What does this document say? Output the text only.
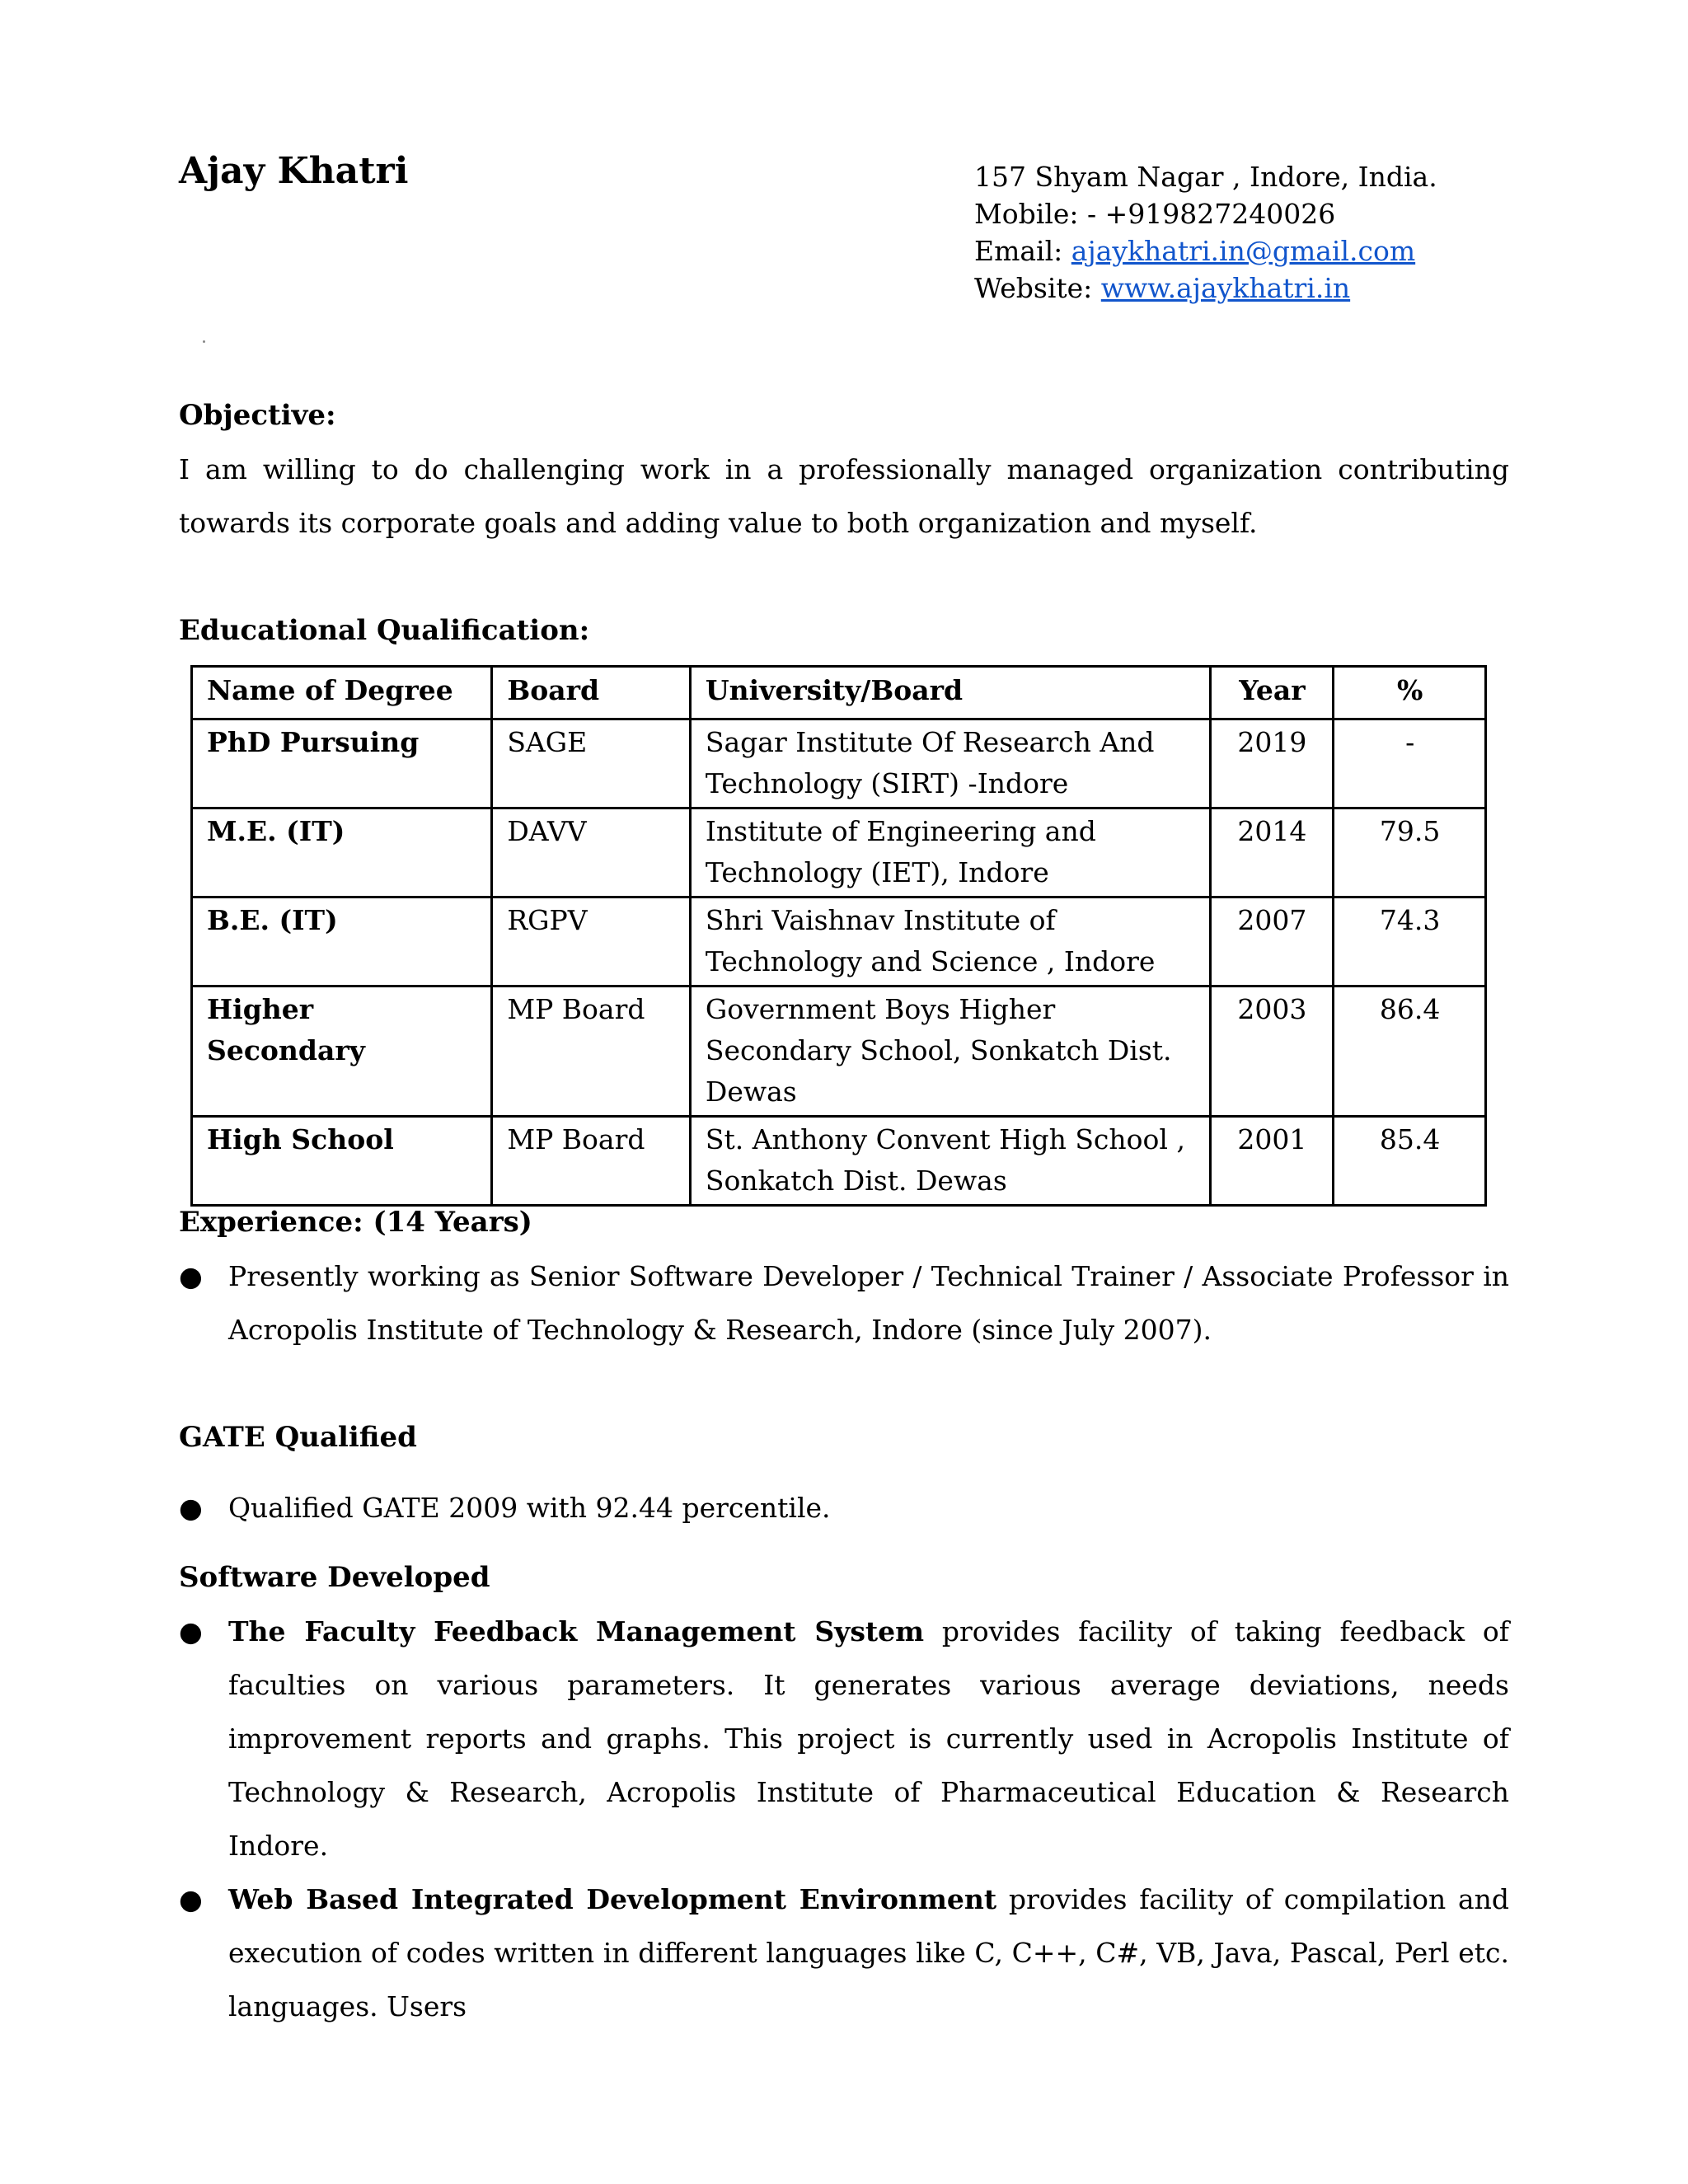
Ajay Khatri	157 Shyam Nagar , Indore, India.
Mobile: - +919827240026
Email: ajaykhatri.in@gmail.com
Website: www.ajaykhatri.in
Objective:

I am willing to do challenging work in a professionally managed organization contributing towards its corporate goals and adding value to both organization and myself.

Educational Qualification:
Name of Degree	Board	University/Board	Year	%
PhD Pursuing	SAGE	Sagar Institute Of Research And Technology (SIRT) -Indore	2019	-
M.E. (IT)	DAVV	Institute of Engineering and Technology (IET), Indore	2014	79.5
B.E. (IT)	RGPV	Shri Vaishnav Institute of Technology and Science , Indore	2007	74.3
Higher Secondary	MP Board	Government Boys Higher Secondary School, Sonkatch Dist. Dewas	2003	86.4
High School	MP Board	St. Anthony Convent High School , Sonkatch Dist. Dewas	2001	85.4
Experience: (14 Years)
● Presently working as Senior Software Developer / Technical Trainer / Associate Professor in Acropolis Institute of Technology & Research, Indore (since July 2007).
GATE Qualified
● Qualified GATE 2009 with 92.44 percentile.
Software Developed
● The Faculty Feedback Management System provides facility of taking feedback of faculties on various parameters. It generates various average deviations, needs improvement reports and graphs. This project is currently used in Acropolis Institute of Technology & Research, Acropolis Institute of Pharmaceutical Education & Research Indore.
● Web Based Integrated Development Environment provides facility of compilation and execution of codes written in different languages like C, C++, C#, VB, Java, Pascal, Perl etc. languages. Users
